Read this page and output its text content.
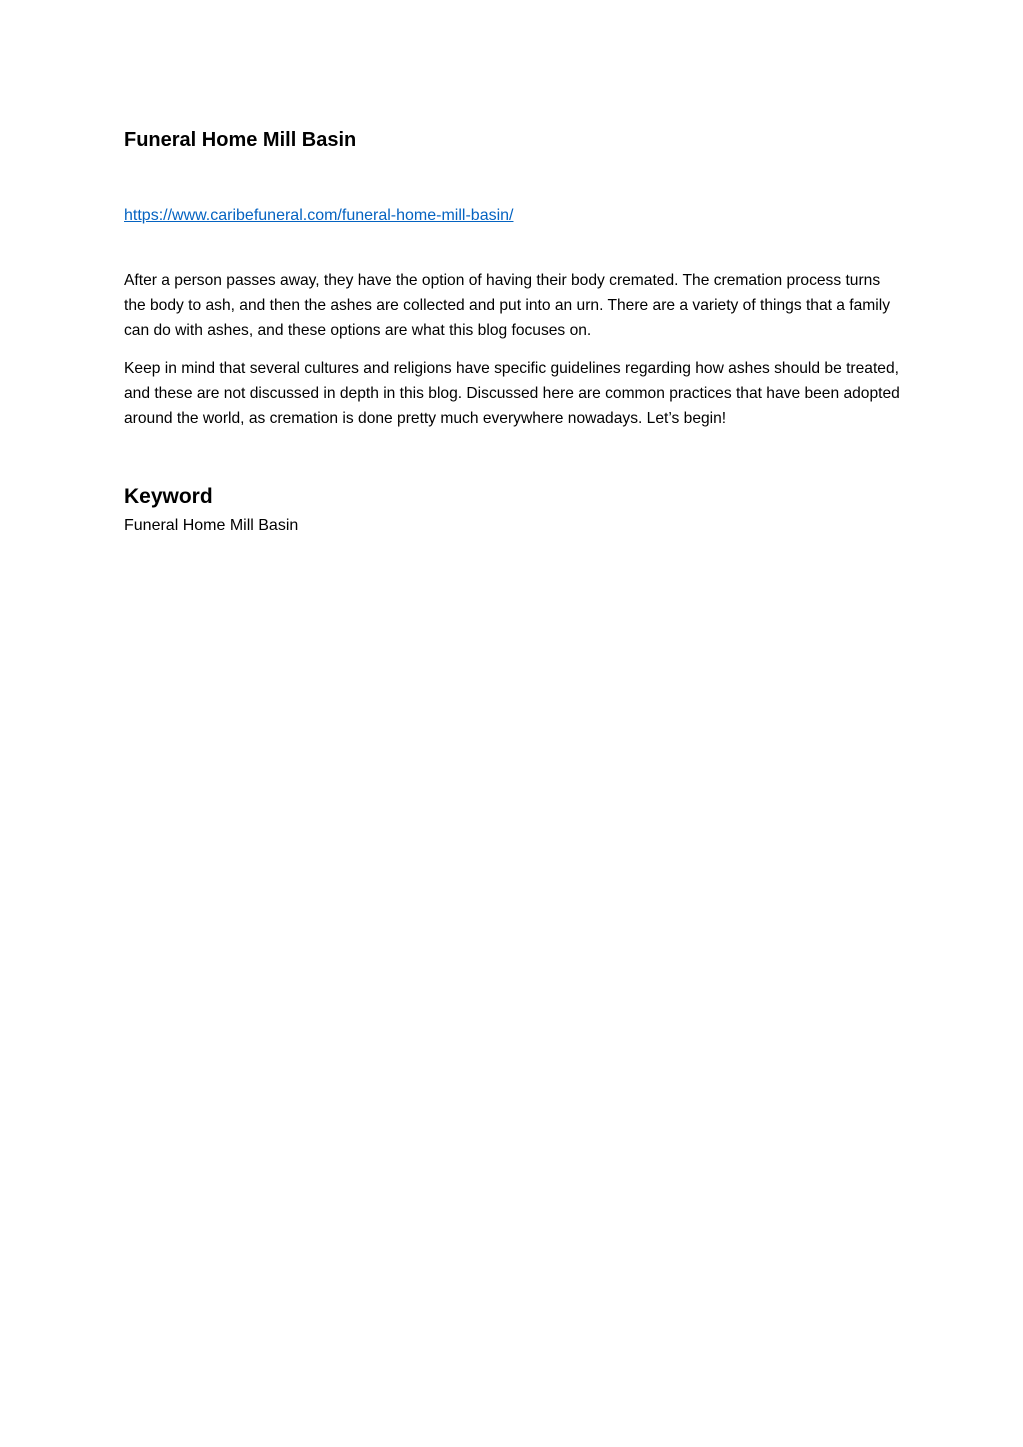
Funeral Home Mill Basin
https://www.caribefuneral.com/funeral-home-mill-basin/

After a person passes away, they have the option of having their body cremated. The cremation process turns the body to ash, and then the ashes are collected and put into an urn. There are a variety of things that a family can do with ashes, and these options are what this blog focuses on.

Keep in mind that several cultures and religions have specific guidelines regarding how ashes should be treated, and these are not discussed in depth in this blog. Discussed here are common practices that have been adopted around the world, as cremation is done pretty much everywhere nowadays. Let’s begin!

Keyword

Funeral Home Mill Basin
